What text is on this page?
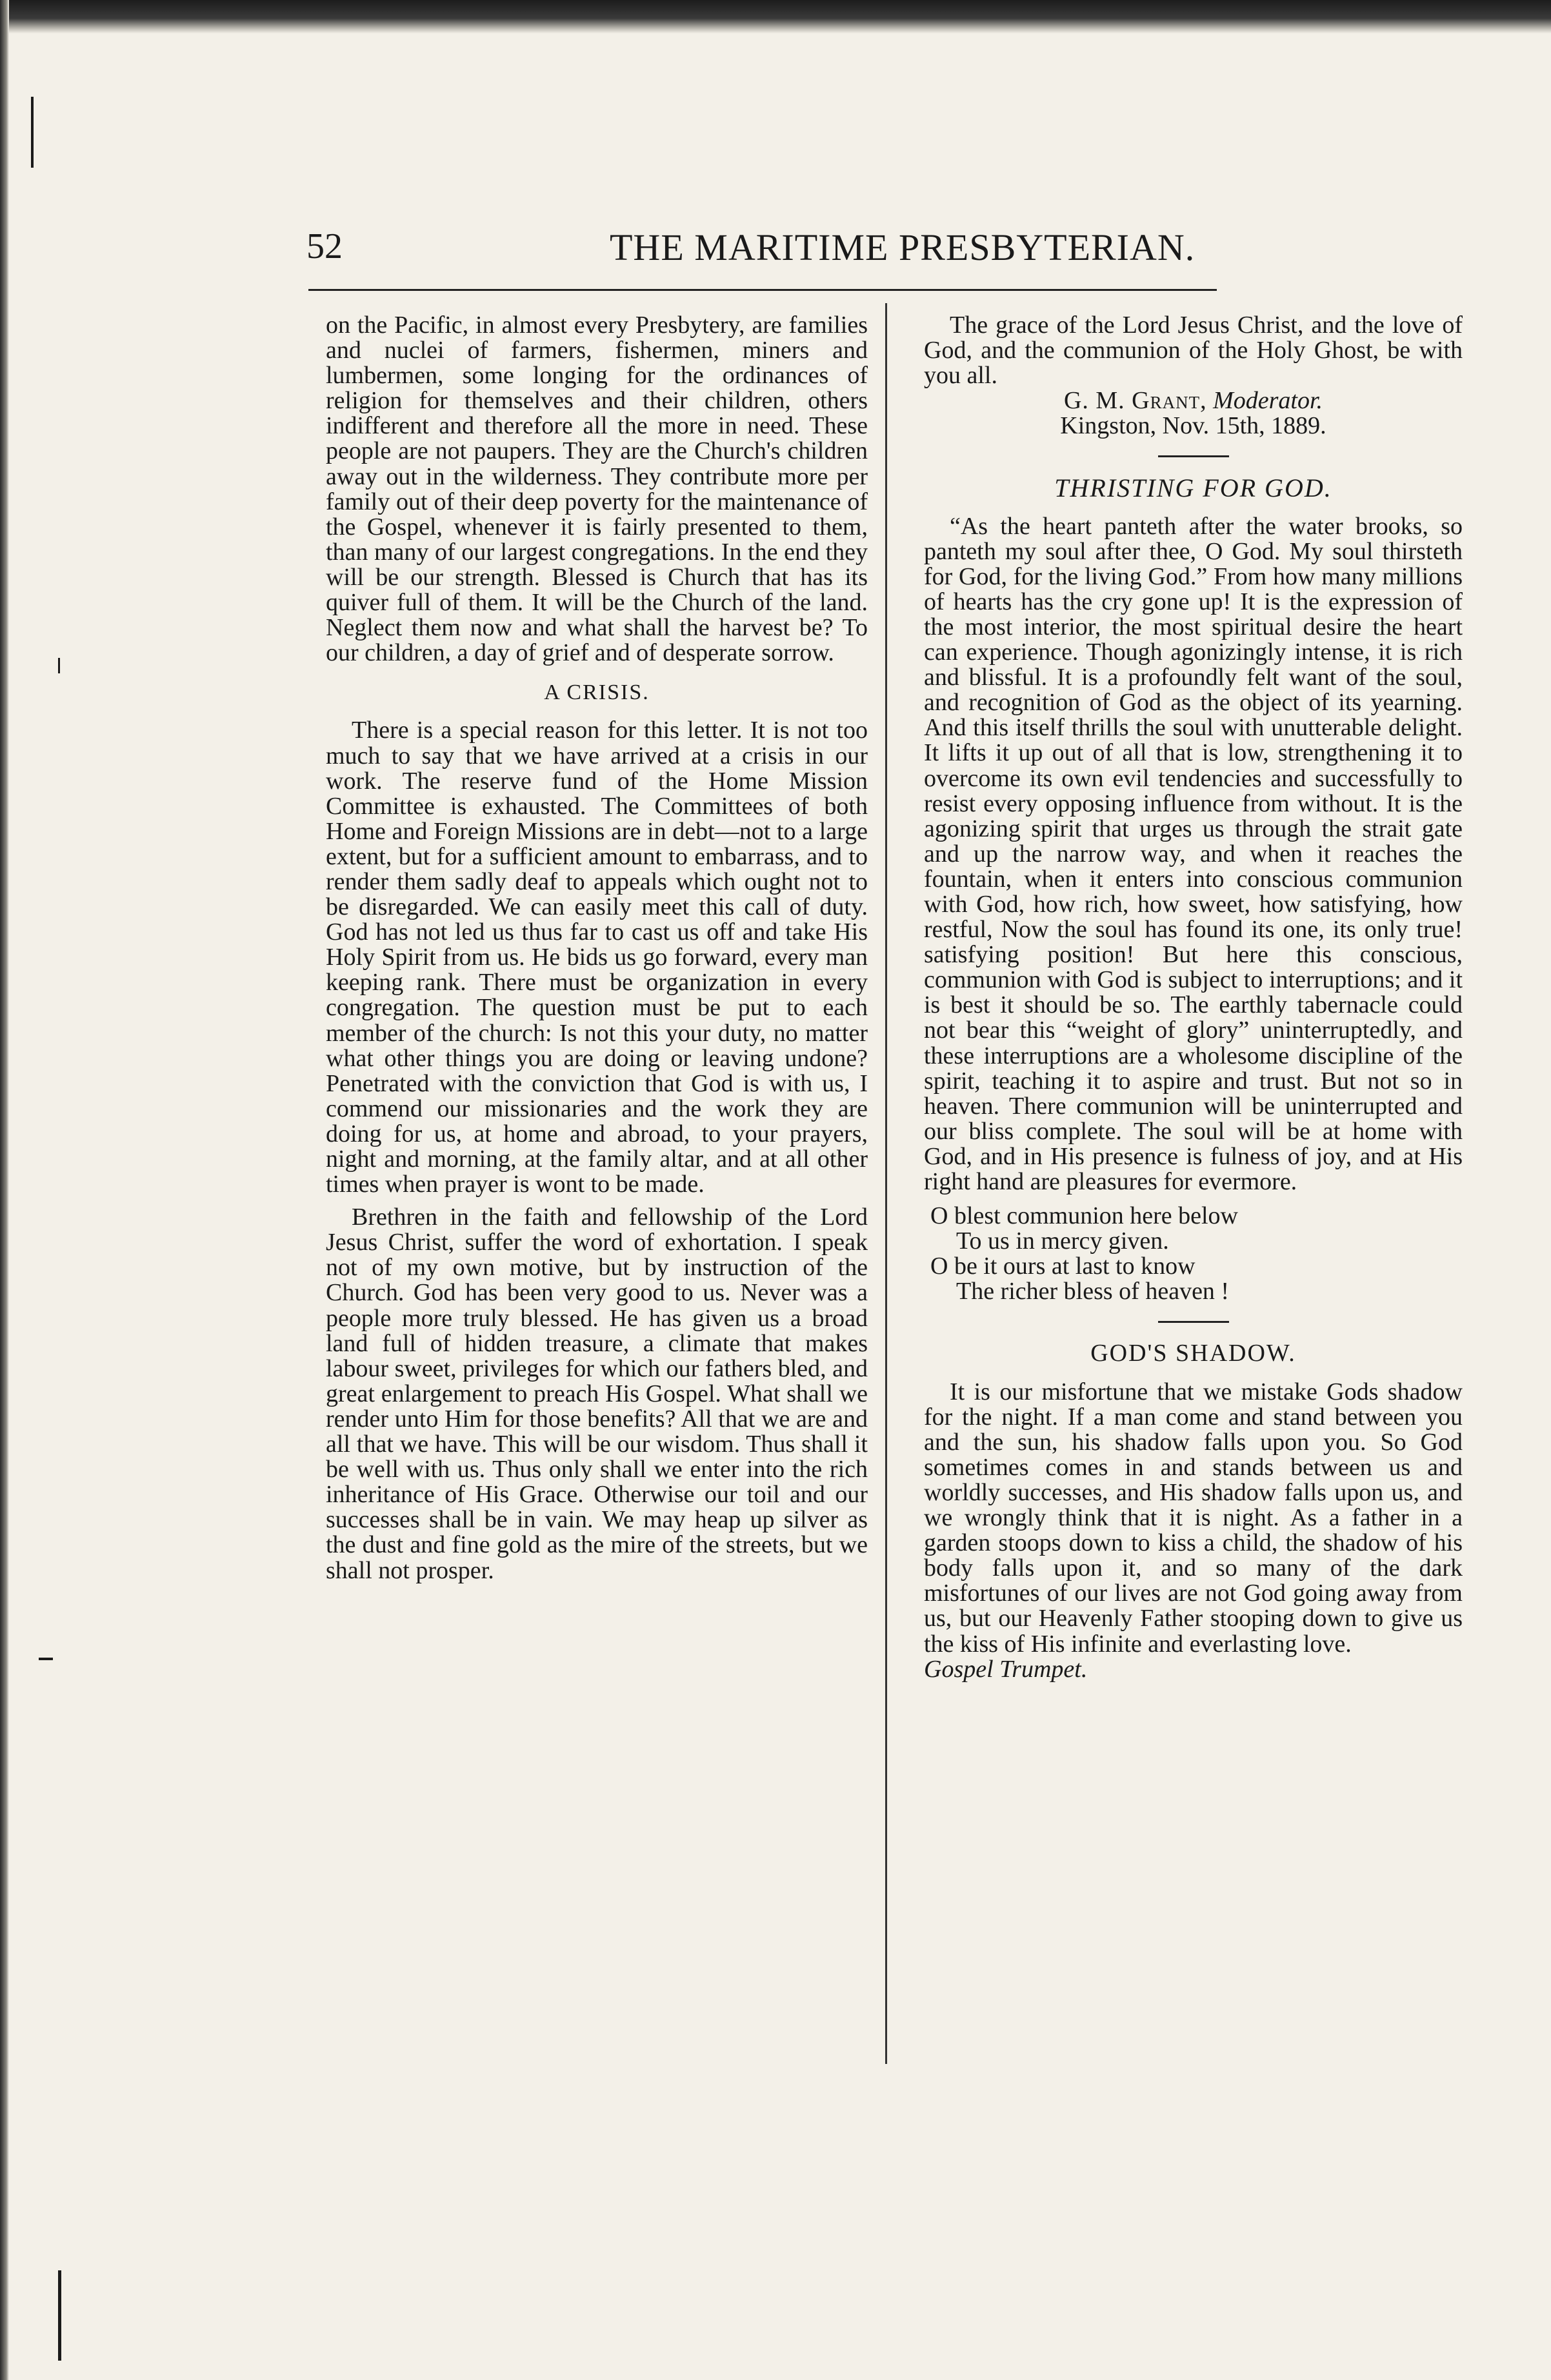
52	THE MARITIME PRESBYTERIAN.

on the Pacific, in almost every Presbytery, are families and nuclei of farmers, fishermen, miners and lumbermen, some longing for the ordinances of religion for themselves and their children, others indifferent and therefore all the more in need. These people are not paupers. They are the Church's children away out in the wilderness. They contribute more per family out of their deep poverty for the maintenance of the Gospel, whenever it is fairly presented to them, than many of our largest congregations. In the end they will be our strength. Blessed is Church that has its quiver full of them. It will be the Church of the land. Neglect them now and what shall the harvest be? To our children, a day of grief and of desperate sorrow.

A CRISIS.

There is a special reason for this letter. It is not too much to say that we have arrived at a crisis in our work. The reserve fund of the Home Mission Committee is exhausted. The Committees of both Home and Foreign Missions are in debt—not to a large extent, but for a sufficient amount to embarrass, and to render them sadly deaf to appeals which ought not to be disregarded. We can easily meet this call of duty. God has not led us thus far to cast us off and take His Holy Spirit from us. He bids us go forward, every man keeping rank. There must be organization in every congregation. The question must be put to each member of the church: Is not this your duty, no matter what other things you are doing or leaving undone? Penetrated with the conviction that God is with us, I commend our missionaries and the work they are doing for us, at home and abroad, to your prayers, night and morning, at the family altar, and at all other times when prayer is wont to be made.

Brethren in the faith and fellowship of the Lord Jesus Christ, suffer the word of exhortation. I speak not of my own motive, but by instruction of the Church. God has been very good to us. Never was a people more truly blessed. He has given us a broad land full of hidden treasure, a climate that makes labour sweet, privileges for which our fathers bled, and great enlargement to preach His Gospel. What shall we render unto Him for those benefits? All that we are and all that we have. This will be our wisdom. Thus shall it be well with us. Thus only shall we enter into the rich inheritance of His Grace. Otherwise our toil and our successes shall be in vain. We may heap up silver as the dust and fine gold as the mire of the streets, but we shall not prosper.

The grace of the Lord Jesus Christ, and the love of God, and the communion of the Holy Ghost, be with you all.

G. M. Grant, Moderator.
Kingston, Nov. 15th, 1889.
THRISTING FOR GOD.

“As the heart panteth after the water brooks, so panteth my soul after thee, O God. My soul thirsteth for God, for the living God.” From how many millions of hearts has the cry gone up! It is the expression of the most interior, the most spiritual desire the heart can experience. Though agonizingly intense, it is rich and blissful. It is a profoundly felt want of the soul, and recognition of God as the object of its yearning. And this itself thrills the soul with unutterable delight. It lifts it up out of all that is low, strengthening it to overcome its own evil tendencies and successfully to resist every opposing influence from without. It is the agonizing spirit that urges us through the strait gate and up the narrow way, and when it reaches the fountain, when it enters into conscious communion with God, how rich, how sweet, how satisfying, how restful, Now the soul has found its one, its only true! satisfying position! But here this conscious, communion with God is subject to interruptions; and it is best it should be so. The earthly tabernacle could not bear this “weight of glory” uninterruptedly, and these interruptions are a wholesome discipline of the spirit, teaching it to aspire and trust. But not so in heaven. There communion will be uninterrupted and our bliss complete. The soul will be at home with God, and in His presence is fulness of joy, and at His right hand are pleasures for evermore.

O blest communion here below
To us in mercy given.
O be it ours at last to know
The richer bless of heaven !
GOD'S SHADOW.

It is our misfortune that we mistake Gods shadow for the night. If a man come and stand between you and the sun, his shadow falls upon you. So God sometimes comes in and stands between us and worldly successes, and His shadow falls upon us, and we wrongly think that it is night. As a father in a garden stoops down to kiss a child, the shadow of his body falls upon it, and so many of the dark misfortunes of our lives are not God going away from us, but our Heavenly Father stooping down to give us the kiss of His infinite and everlasting love.

Gospel Trumpet.
